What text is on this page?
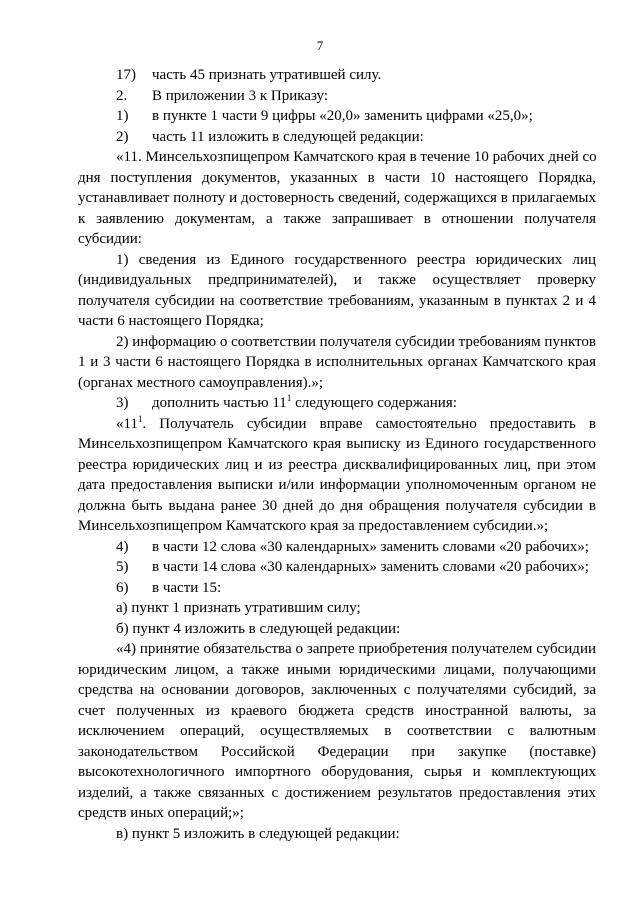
7
17)	часть 45 признать утратившей силу.
2.	В приложении 3 к Приказу:
1)	в пункте 1 части 9 цифры «20,0» заменить цифрами «25,0»;
2)	часть 11 изложить в следующей редакции:
«11. Минсельхозпищепром Камчатского края в течение 10 рабочих дней со
дня поступления документов, указанных в части 10 настоящего Порядка,
устанавливает полноту и достоверность сведений, содержащихся в прилагаемых
к заявлению документам, а также запрашивает в отношении получателя
субсидии:
1) сведения из Единого государственного реестра юридических лиц
(индивидуальных предпринимателей), и также осуществляет проверку
получателя субсидии на соответствие требованиям, указанным в пунктах 2 и 4
части 6 настоящего Порядка;
2) информацию о соответствии получателя субсидии требованиям пунктов
1 и 3 части 6 настоящего Порядка в исполнительных органах Камчатского края
(органах местного самоуправления).»;
3)	дополнить частью $11^1$ следующего содержания:
«$11^1$. Получатель субсидии вправе самостоятельно предоставить в
Минсельхозпищепром Камчатского края выписку из Единого государственного
реестра юридических лиц и из реестра дисквалифицированных лиц, при этом
дата предоставления выписки и/или информации уполномоченным органом не
должна быть выдана ранее 30 дней до дня обращения получателя субсидии в
Минсельхозпищепром Камчатского края за предоставлением субсидии.»;
4)	в части 12 слова «30 календарных» заменить словами «20 рабочих»;
5)	в части 14 слова «30 календарных» заменить словами «20 рабочих»;
6)	в части 15:
а) пункт 1 признать утратившим силу;
б) пункт 4 изложить в следующей редакции:
«4) принятие обязательства о запрете приобретения получателем субсидии
юридическим лицом, а также иными юридическими лицами, получающими
средства на основании договоров, заключенных с получателями субсидий, за
счет полученных из краевого бюджета средств иностранной валюты, за
исключением операций, осуществляемых в соответствии с валютным
законодательством Российской Федерации при закупке (поставке)
высокотехнологичного импортного оборудования, сырья и комплектующих
изделий, а также связанных с достижением результатов предоставления этих
средств иных операций;»;
в) пункт 5 изложить в следующей редакции:
